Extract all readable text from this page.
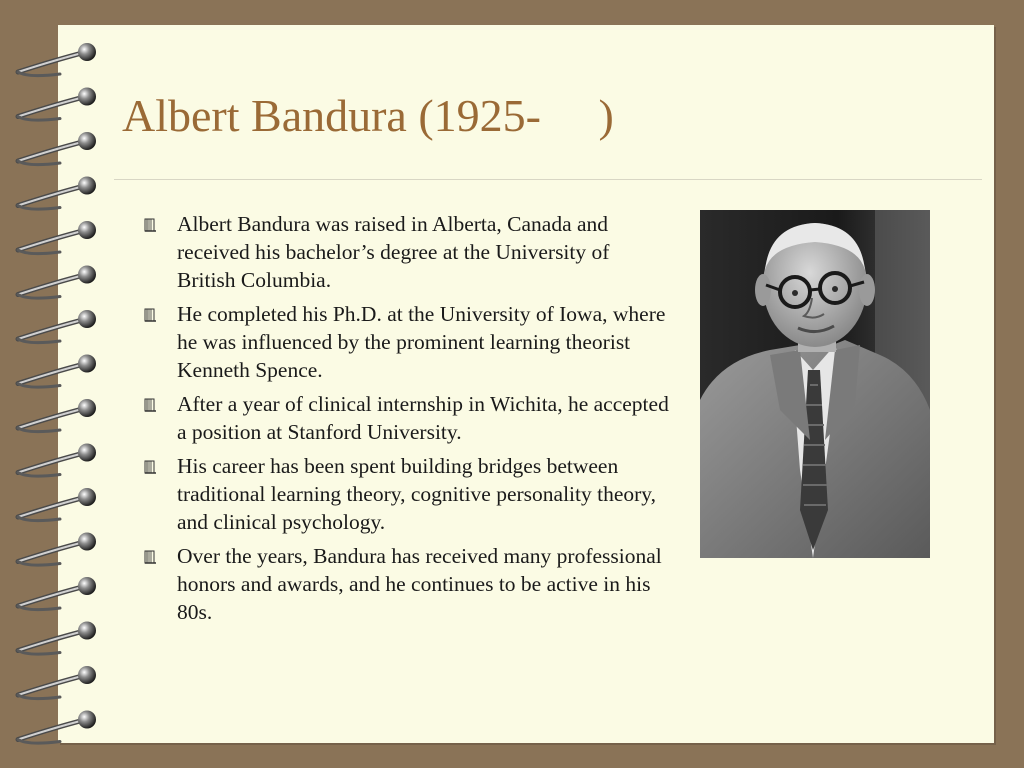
Albert Bandura (1925-     )
Albert Bandura was raised in Alberta, Canada and received his bachelor’s degree at the University of British Columbia.
He completed his Ph.D. at the University of Iowa, where he was influenced by the prominent learning theorist Kenneth Spence.
After a year of clinical internship in Wichita, he accepted a position at Stanford University.
His career has been spent building bridges between traditional learning theory, cognitive personality theory, and clinical psychology.
Over the years, Bandura has received many professional honors and awards, and he continues to be active in his 80s.
